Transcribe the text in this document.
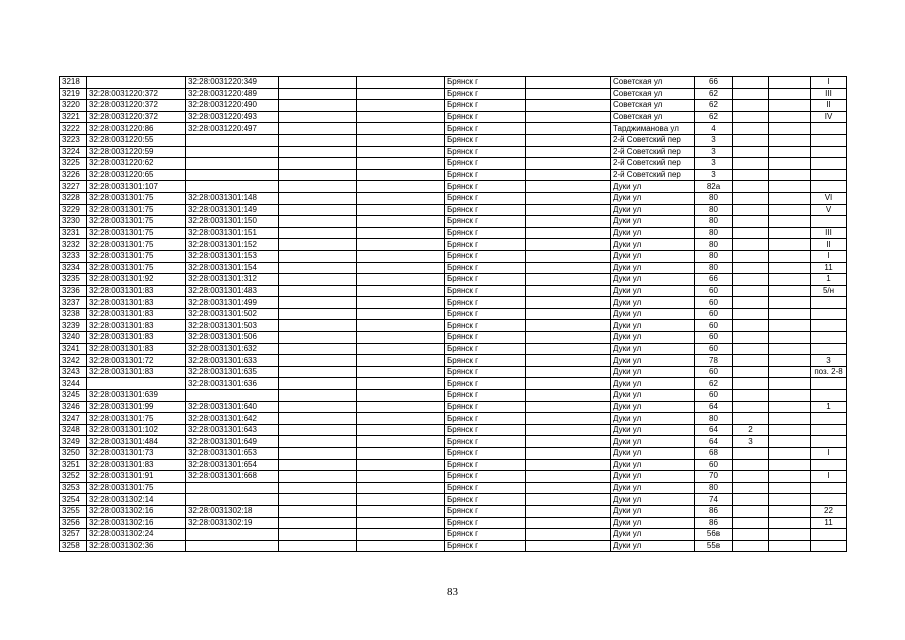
3218		32:28:0031220:349			Брянск г		Советская ул	66			I
3219	32:28:0031220:372	32:28:0031220:489			Брянск г		Советская ул	62			III
3220	32:28:0031220:372	32:28:0031220:490			Брянск г		Советская ул	62			II
3221	32:28:0031220:372	32:28:0031220:493			Брянск г		Советская ул	62			IV
3222	32:28:0031220:86	32:28:0031220:497			Брянск г		Тарджиманова ул	4			
3223	32:28:0031220:55				Брянск г		2-й Советский пер	3			
3224	32:28:0031220:59				Брянск г		2-й Советский пер	3			
3225	32:28:0031220:62				Брянск г		2-й Советский пер	3			
3226	32:28:0031220:65				Брянск г		2-й Советский пер	3			
3227	32:28:0031301:107				Брянск г		Дуки ул	82а			
3228	32:28:0031301:75	32:28:0031301:148			Брянск г		Дуки ул	80			VI
3229	32:28:0031301:75	32:28:0031301:149			Брянск г		Дуки ул	80			V
3230	32:28:0031301:75	32:28:0031301:150			Брянск г		Дуки ул	80			
3231	32:28:0031301:75	32:28:0031301:151			Брянск г		Дуки ул	80			III
3232	32:28:0031301:75	32:28:0031301:152			Брянск г		Дуки ул	80			II
3233	32:28:0031301:75	32:28:0031301:153			Брянск г		Дуки ул	80			I
3234	32:28:0031301:75	32:28:0031301:154			Брянск г		Дуки ул	80			11
3235	32:28:0031301:92	32:28:0031301:312			Брянск г		Дуки ул	66			1
3236	32:28:0031301:83	32:28:0031301:483			Брянск г		Дуки ул	60			5/н
3237	32:28:0031301:83	32:28:0031301:499			Брянск г		Дуки ул	60			
3238	32:28:0031301:83	32:28:0031301:502			Брянск г		Дуки ул	60			
3239	32:28:0031301:83	32:28:0031301:503			Брянск г		Дуки ул	60			
3240	32:28:0031301:83	32:28:0031301:506			Брянск г		Дуки ул	60			
3241	32:28:0031301:83	32:28:0031301:632			Брянск г		Дуки ул	60			
3242	32:28:0031301:72	32:28:0031301:633			Брянск г		Дуки ул	78			3
3243	32:28:0031301:83	32:28:0031301:635			Брянск г		Дуки ул	60			поз. 2-8
3244		32:28:0031301:636			Брянск г		Дуки ул	62			
3245	32:28:0031301:639				Брянск г		Дуки ул	60			
3246	32:28:0031301:99	32:28:0031301:640			Брянск г		Дуки ул	64			1
3247	32:28:0031301:75	32:28:0031301:642			Брянск г		Дуки ул	80			
3248	32:28:0031301:102	32:28:0031301:643			Брянск г		Дуки ул	64	2		
3249	32:28:0031301:484	32:28:0031301:649			Брянск г		Дуки ул	64	3		
3250	32:28:0031301:73	32:28:0031301:653			Брянск г		Дуки ул	68			I
3251	32:28:0031301:83	32:28:0031301:654			Брянск г		Дуки ул	60			
3252	32:28:0031301:91	32:28:0031301:668			Брянск г		Дуки ул	70			I
3253	32:28:0031301:75				Брянск г		Дуки ул	80			
3254	32:28:0031302:14				Брянск г		Дуки ул	74			
3255	32:28:0031302:16	32:28:0031302:18			Брянск г		Дуки ул	86			22
3256	32:28:0031302:16	32:28:0031302:19			Брянск г		Дуки ул	86			11
3257	32:28:0031302:24				Брянск г		Дуки ул	56в			
3258	32:28:0031302:36				Брянск г		Дуки ул	55в			
83
